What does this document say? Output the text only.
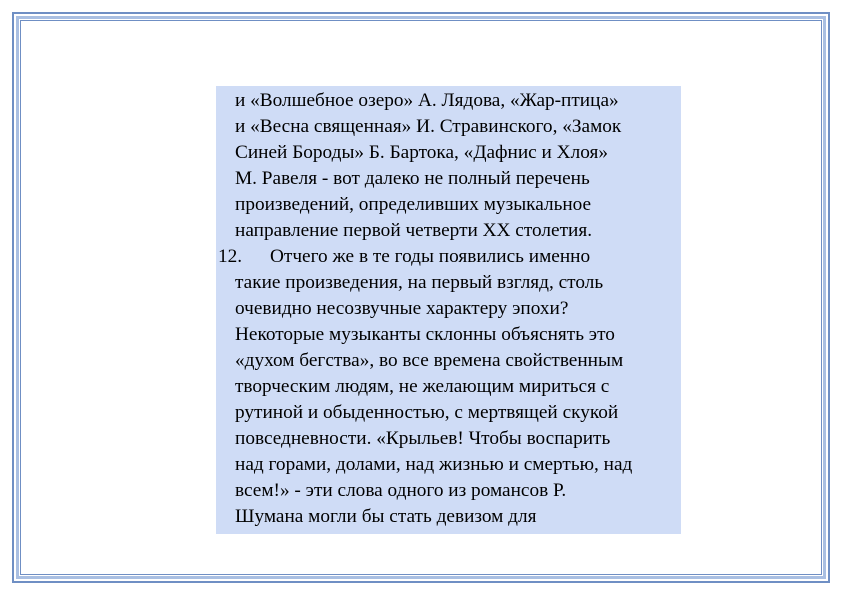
и «Волшебное озеро» А. Лядова, «Жар-птица»
и «Весна священная» И. Стравинского, «Замок
Синей Бороды» Б. Бартока, «Дафнис и Хлоя»
М. Равеля - вот далеко не полный перечень
произведений, определивших музыкальное
направление первой четверти XX столетия.
12. Отчего же в те годы появились именно
такие произведения, на первый взгляд, столь
очевидно несозвучные характеру эпохи?
Некоторые музыканты склонны объяснять это
«духом бегства», во все времена свойственным
творческим людям, не желающим мириться с
рутиной и обыденностью, с мертвящей скукой
повседневности. «Крыльев! Чтобы воспарить
над горами, долами, над жизнью и смертью, над
всем!» - эти слова одного из романсов Р.
Шумана могли бы стать девизом для
